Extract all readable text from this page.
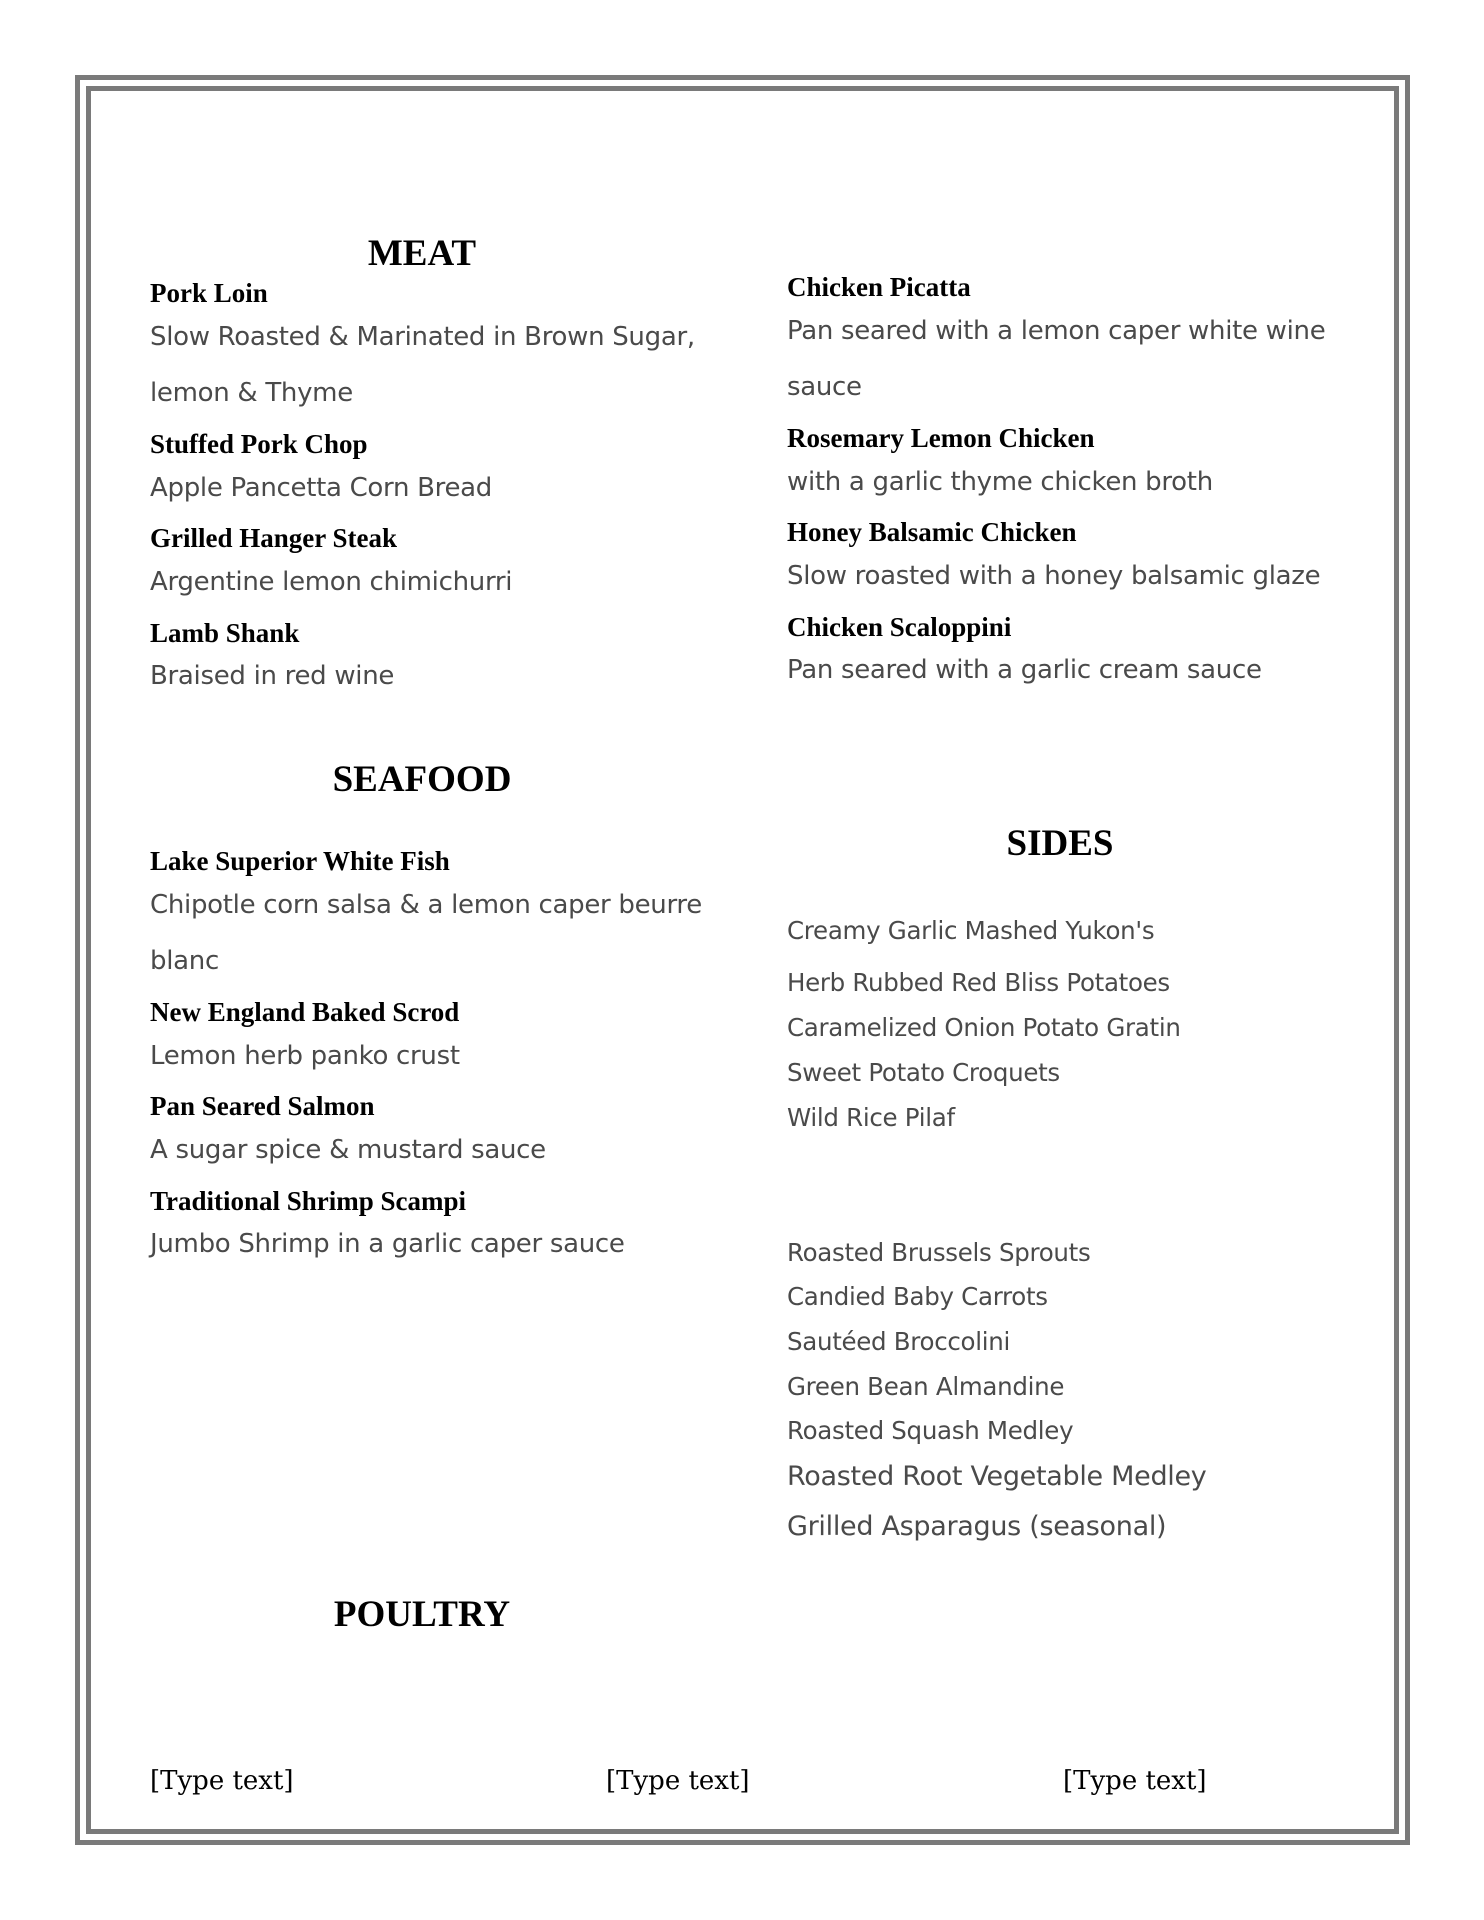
MEAT
Pork Loin
Slow Roasted & Marinated in Brown Sugar,
lemon & Thyme
Stuffed Pork Chop
Apple Pancetta Corn Bread
Grilled Hanger Steak
Argentine lemon chimichurri
Lamb Shank
Braised in red wine
SEAFOOD
Lake Superior White Fish
Chipotle corn salsa & a lemon caper beurre
blanc
New England Baked Scrod
Lemon herb panko crust
Pan Seared Salmon
A sugar spice & mustard sauce
Traditional Shrimp Scampi
Jumbo Shrimp in a garlic caper sauce
POULTRY
Chicken Picatta
Pan seared with a lemon caper white wine
sauce
Rosemary Lemon Chicken
with a garlic thyme chicken broth
Honey Balsamic Chicken
Slow roasted with a honey balsamic glaze
Chicken Scaloppini
Pan seared with a garlic cream sauce
SIDES
Creamy Garlic Mashed Yukon's
Herb Rubbed Red Bliss Potatoes
Caramelized Onion Potato Gratin
Sweet Potato Croquets
Wild Rice Pilaf
Roasted Brussels Sprouts
Candied Baby Carrots
Sautéed Broccolini
Green Bean Almandine
Roasted Squash Medley
Roasted Root Vegetable Medley
Grilled Asparagus (seasonal)
[Type text]	[Type text]	[Type text]
